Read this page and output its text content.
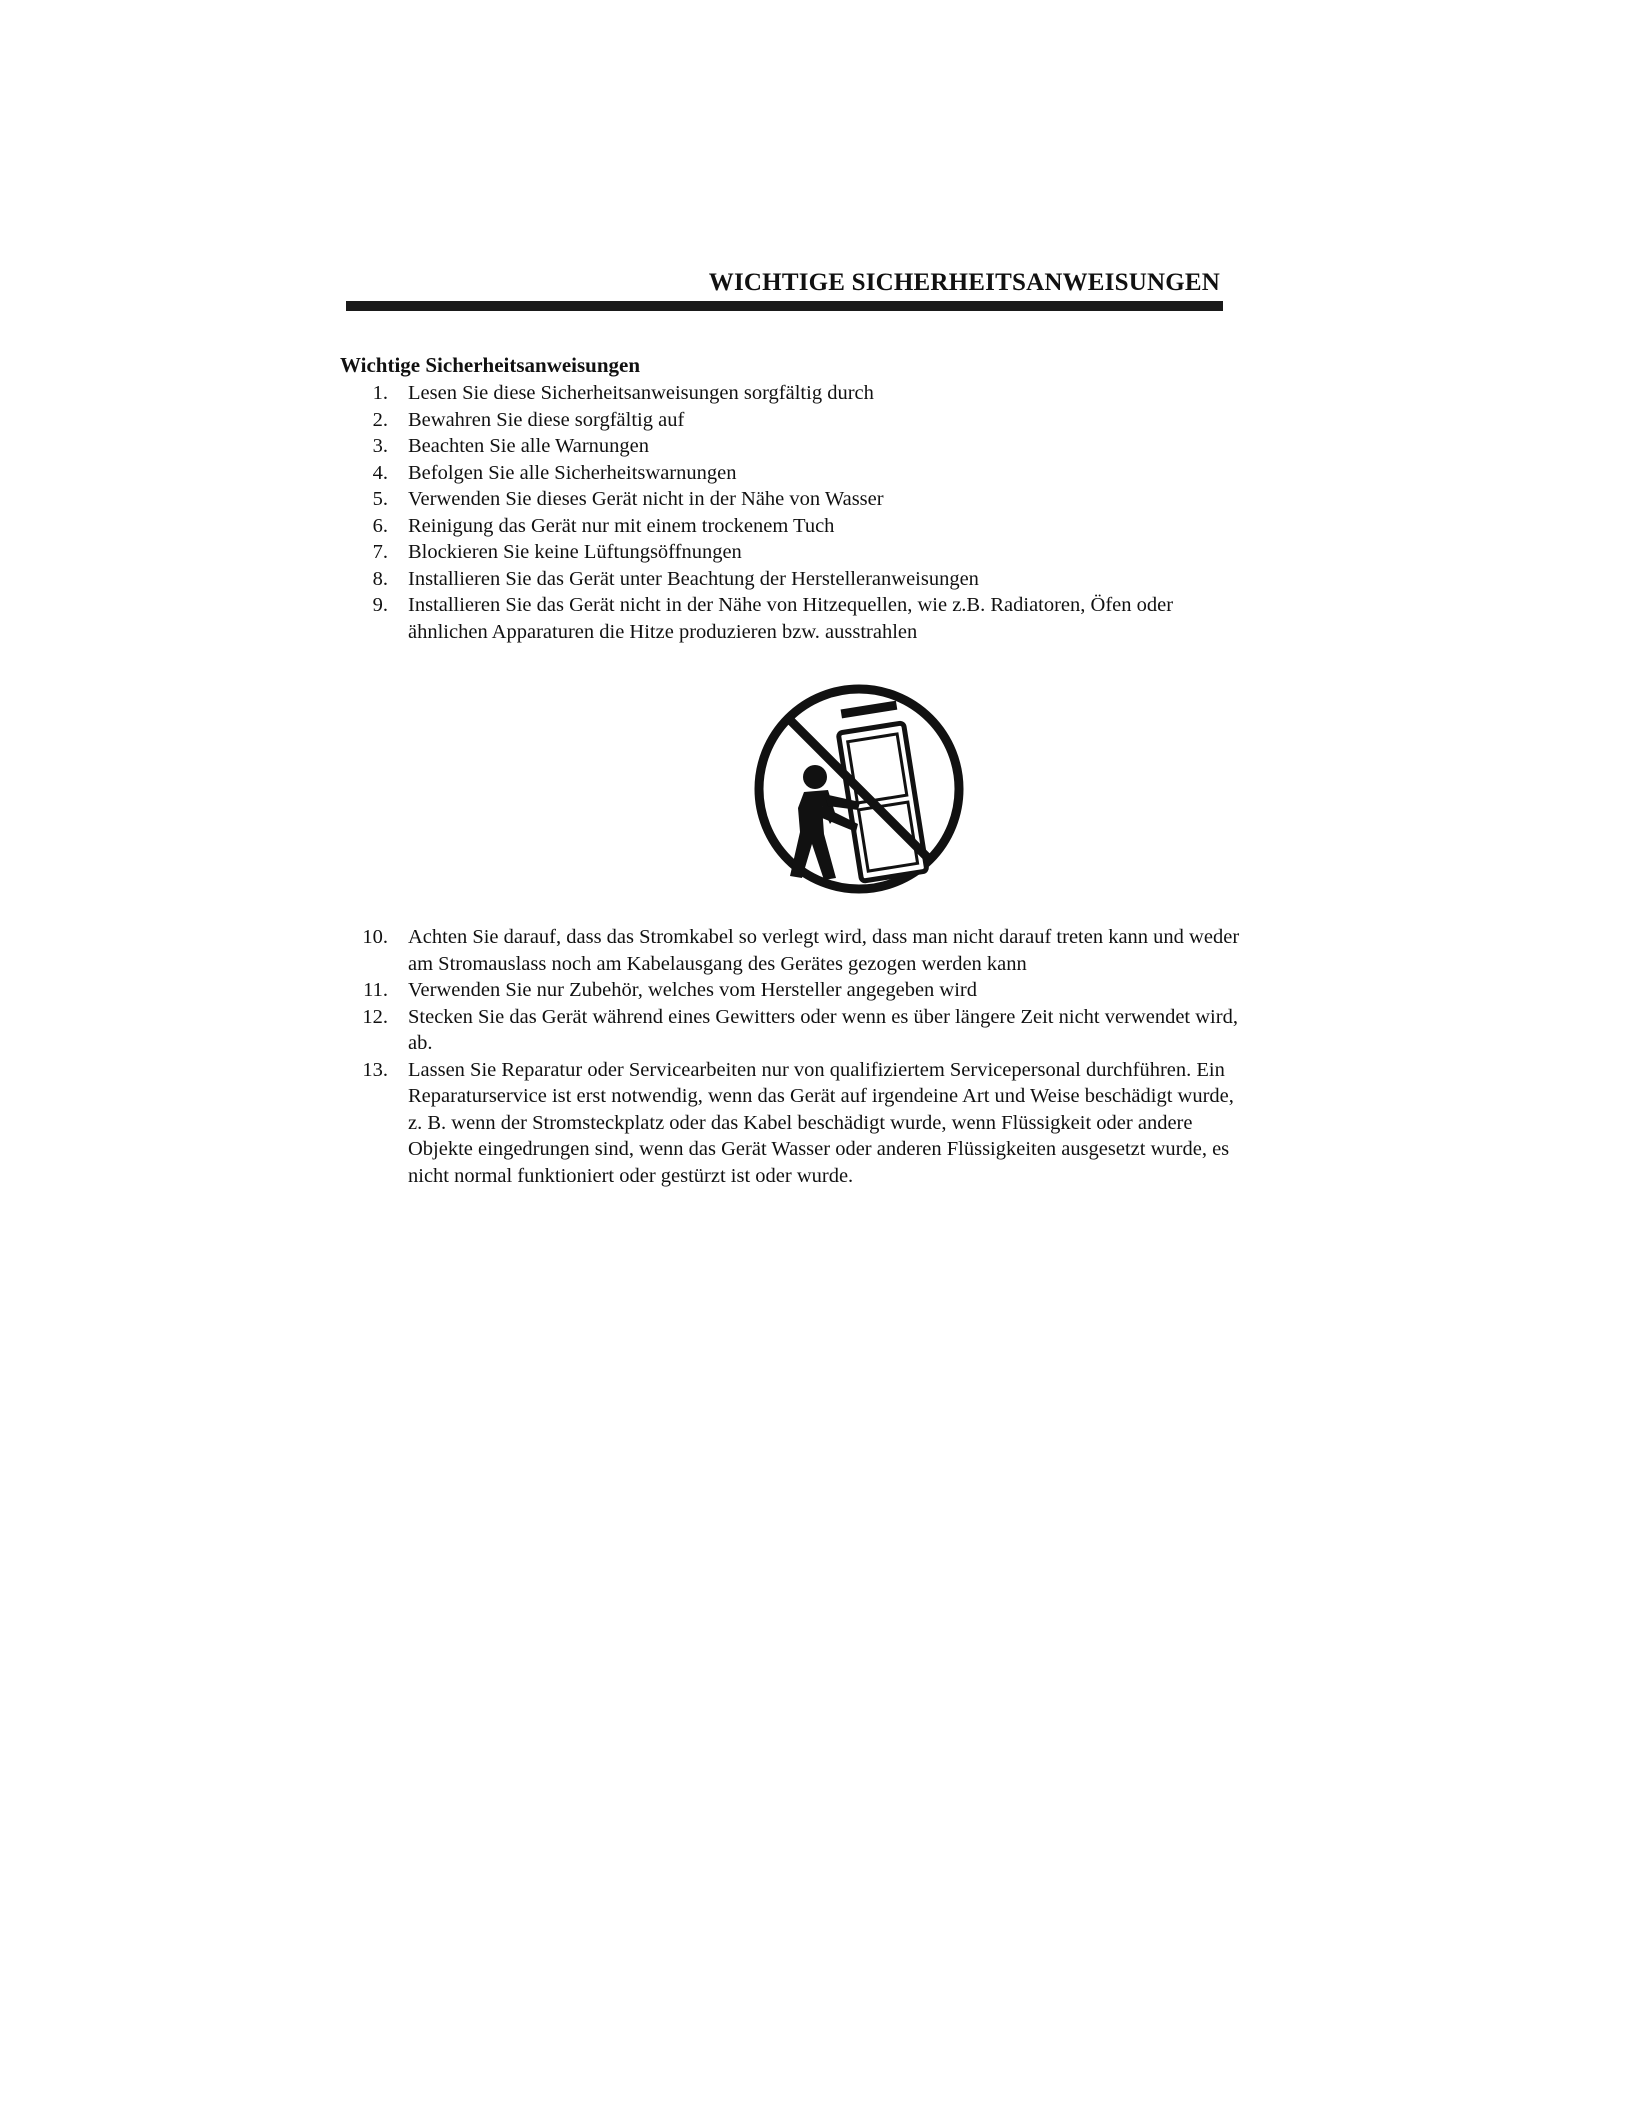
WICHTIGE SICHERHEITSANWEISUNGEN
Wichtige Sicherheitsanweisungen
1. Lesen Sie diese Sicherheitsanweisungen sorgfältig durch
2. Bewahren Sie diese sorgfältig auf
3. Beachten Sie alle Warnungen
4. Befolgen Sie alle Sicherheitswarnungen
5. Verwenden Sie dieses Gerät nicht in der Nähe von Wasser
6. Reinigung das Gerät nur mit einem trockenem Tuch
7. Blockieren Sie keine Lüftungsöffnungen
8. Installieren Sie das Gerät unter Beachtung der Herstelleranweisungen
9. Installieren Sie das Gerät nicht in der Nähe von Hitzequellen, wie z.B. Radiatoren, Öfen oder ähnlichen Apparaturen die Hitze produzieren bzw. ausstrahlen
10. Achten Sie darauf, dass das Stromkabel so verlegt wird, dass man nicht darauf treten kann und weder am Stromauslass noch am Kabelausgang des Gerätes gezogen werden kann
11. Verwenden Sie nur Zubehör, welches vom Hersteller angegeben wird
12. Stecken Sie das Gerät während eines Gewitters oder wenn es über längere Zeit nicht verwendet wird, ab.
13. Lassen Sie Reparatur oder Servicearbeiten nur von qualifiziertem Servicepersonal durchführen. Ein Reparaturservice ist erst notwendig, wenn das Gerät auf irgendeine Art und Weise beschädigt wurde, z. B. wenn der Stromsteckplatz oder das Kabel beschädigt wurde, wenn Flüssigkeit oder andere Objekte eingedrungen sind, wenn das Gerät Wasser oder anderen Flüssigkeiten ausgesetzt wurde, es nicht normal funktioniert oder gestürzt ist oder wurde.
